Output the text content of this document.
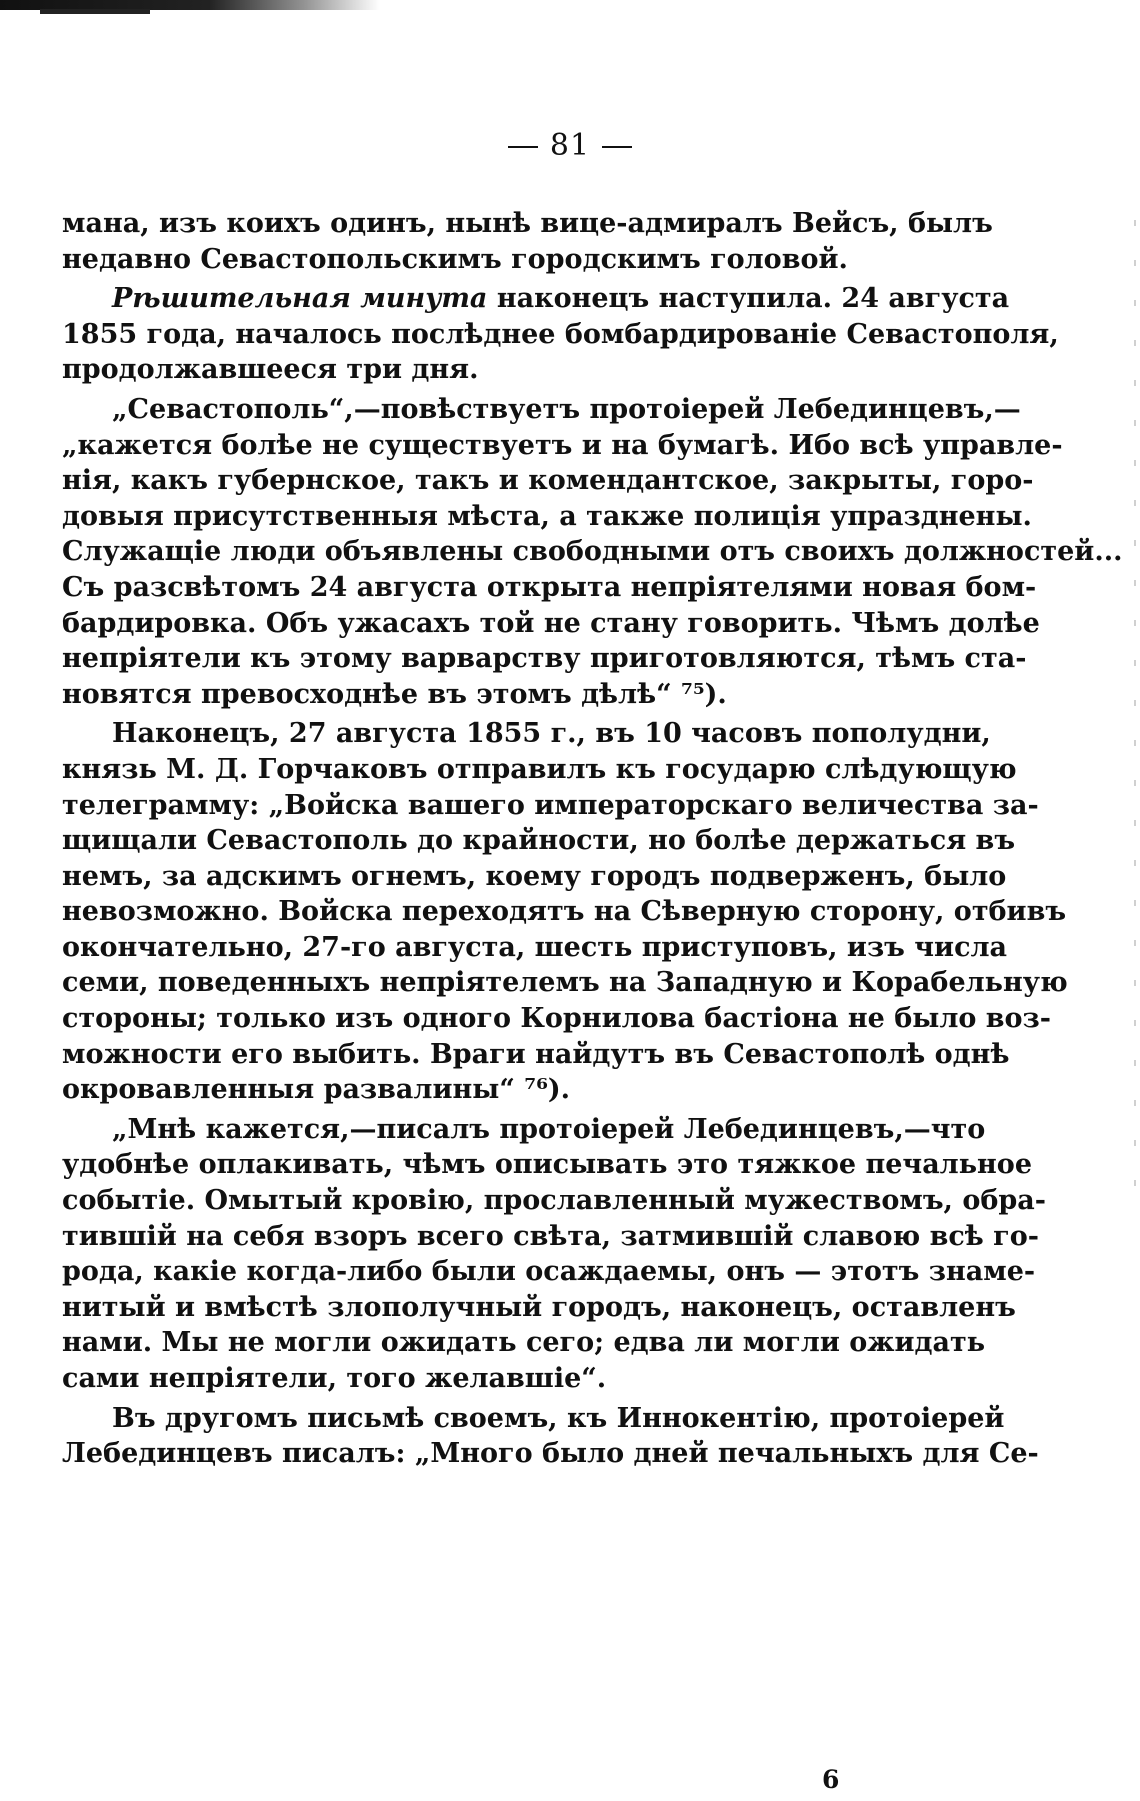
81
мана, изъ коихъ одинъ, нынѣ вице-адмиралъ Вейсъ, былъ
недавно Севастопольскимъ городскимъ головой.
Рѣшительная минута наконецъ наступила. 24 августа
1855 года, началось послѣднее бомбардированіе Севастополя,
продолжавшееся три дня.
„Севастополь“,—повѣствуетъ протоіерей Лебединцевъ,—
„кажется болѣе не существуетъ и на бумагѣ. Ибо всѣ управле-
нія, какъ губернское, такъ и комендантское, закрыты, горо-
довыя присутственныя мѣста, а также полиція упразднены.
Служащіе люди объявлены свободными отъ своихъ должностей...
Съ разсвѣтомъ 24 августа открыта непріятелями новая бом-
бардировка. Объ ужасахъ той не стану говорить. Чѣмъ долѣе
непріятели къ этому варварству приготовляются, тѣмъ ста-
новятся превосходнѣе въ этомъ дѣлѣ“ ⁷⁵).
Наконецъ, 27 августа 1855 г., въ 10 часовъ пополудни,
князь М. Д. Горчаковъ отправилъ къ государю слѣдующую
телеграмму: „Войска вашего императорскаго величества за-
щищали Севастополь до крайности, но болѣе держаться въ
немъ, за адскимъ огнемъ, коему городъ подверженъ, было
невозможно. Войска переходятъ на Сѣверную сторону, отбивъ
окончательно, 27-го августа, шесть приступовъ, изъ числа
семи, поведенныхъ непріятелемъ на Западную и Корабельную
стороны; только изъ одного Корнилова бастіона не было воз-
можности его выбить. Враги найдутъ въ Севастополѣ однѣ
окровавленныя развалины“ ⁷⁶).
„Мнѣ кажется,—писалъ протоіерей Лебединцевъ,—что
удобнѣе оплакивать, чѣмъ описывать это тяжкое печальное
событіе. Омытый кровію, прославленный мужествомъ, обра-
тившій на себя взоръ всего свѣта, затмившій славою всѣ го-
рода, какіе когда-либо были осаждаемы, онъ — этотъ знаме-
нитый и вмѣстѣ злополучный городъ, наконецъ, оставленъ
нами. Мы не могли ожидать сего; едва ли могли ожидать
сами непріятели, того желавшіе“.
Въ другомъ письмѣ своемъ, къ Иннокентію, протоіерей
Лебединцевъ писалъ: „Много было дней печальныхъ для Се-
6
